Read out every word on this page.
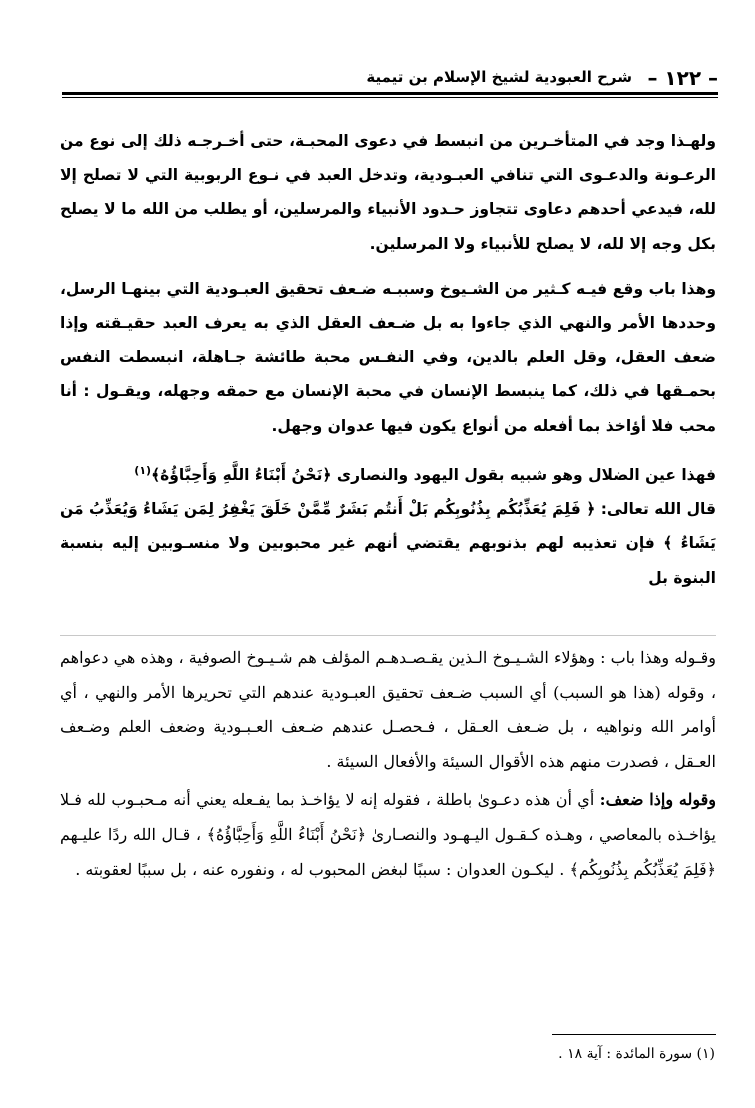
– ١٢٢ –
شرح العبودية لشيخ الإسلام بن تيمية

ولهـذا وجد في المتأخـرين من انبسط في دعوى المحبـة، حتى أخـرجـه ذلك إلى نوع من الرعـونة والدعـوى التي تنافي العبـودية، وتدخل العبد في نـوع الربوبية التي لا تصلح إلا لله، فيدعي أحدهم دعاوى تتجاوز حـدود الأنبياء والمرسلين، أو يطلب من الله ما لا يصلح بكل وجه إلا لله، لا يصلح للأنبياء ولا المرسلين.

وهذا باب وقع فيـه كـثير من الشـيوخ وسببـه ضـعف تحقيق العبـودية التي بينهـا الرسل، وحددها الأمر والنهي الذي جاءوا به بل ضـعف العقل الذي به يعرف العبد حقيـقته وإذا ضعف العقل، وقل العلم بالدين، وفي النفـس محبة طائشة جـاهلة، انبسطت النفس بحمـقها في ذلك، كما ينبسط الإنسان في محبة الإنسان مع حمقه وجهله، ويقـول : أنا محب فلا أؤاخذ بما أفعله من أنواع يكون فيها عدوان وجهل.

فهذا عين الضلال وهو شبيه بقول اليهود والنصارى ﴿نَحْنُ أَبْنَاءُ اللَّهِ وَأَحِبَّاؤُهُ﴾$^{(١)}$

قال الله تعالى: ﴿ فَلِمَ يُعَذِّبُكُم بِذُنُوبِكُم بَلْ أَنتُم بَشَرٌ مِّمَّنْ خَلَقَ يَغْفِرُ لِمَن يَشَاءُ وَيُعَذِّبُ مَن يَشَاءُ ﴾ فإن تعذيبه لهم بذنوبهم يقتضي أنهم غير محبوبين ولا منسـوبين إليه بنسبة البنوة بل

وقـوله وهذا باب : وهؤلاء الشـيـوخ الـذين يقـصـدهـم المؤلف هم شـيـوخ الصوفية ، وهذه هي دعواهم ، وقوله (هذا هو السبب) أي السبب ضـعف تحقيق العبـودية عندهم التي تحريرها الأمر والنهي ، أي أوامر الله ونواهيه ، بل ضـعف العـقل ، فـحصـل عندهم ضـعف العـبـودية وضعف العلم وضـعف العـقل ، فصدرت منهم هذه الأقوال السيئة والأفعال السيئة .

وقوله وإذا ضعف: أي أن هذه دعـوىٰ باطلة ، فقوله إنه لا يؤاخـذ بما يفـعله يعني أنه مـحبـوب لله فـلا يؤاخـذه بالمعاصي ، وهـذه كـقـول اليـهـود والنصـارىٰ ﴿نَحْنُ أَبْنَاءُ اللَّهِ وَأَحِبَّاؤُهُ﴾ ، قـال الله ردًا عليـهم ﴿فَلِمَ يُعَذِّبُكُم بِذُنُوبِكُم﴾ . ليكـون العدوان : سببًا لبغض المحبوب له ، ونفوره عنه ، بل سببًا لعقوبته .

(١) سورة المائدة : آية ١٨ .
